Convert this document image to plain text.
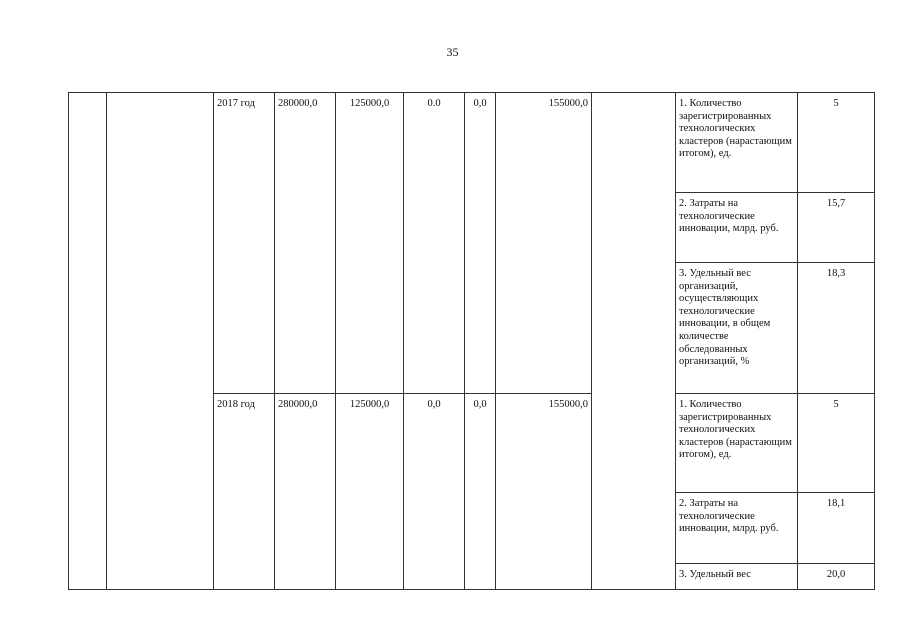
35
		2017 год	280000,0	125000,0	0.0	0,0	155000,0		1. Количество зарегистрированных технологических кластеров (нарастающим итогом), ед.	5
									2. Затраты на технологические инновации, млрд. руб.	15,7
									3. Удельный вес организаций, осуществляющих технологические инновации, в общем количестве обследованных организаций, %	18,3
		2018 год	280000,0	125000,0	0,0	0,0	155000,0		1. Количество зарегистрированных технологических кластеров (нарастающим итогом), ед.	5
									2. Затраты на технологические инновации, млрд. руб.	18,1
									3. Удельный вес	20,0
